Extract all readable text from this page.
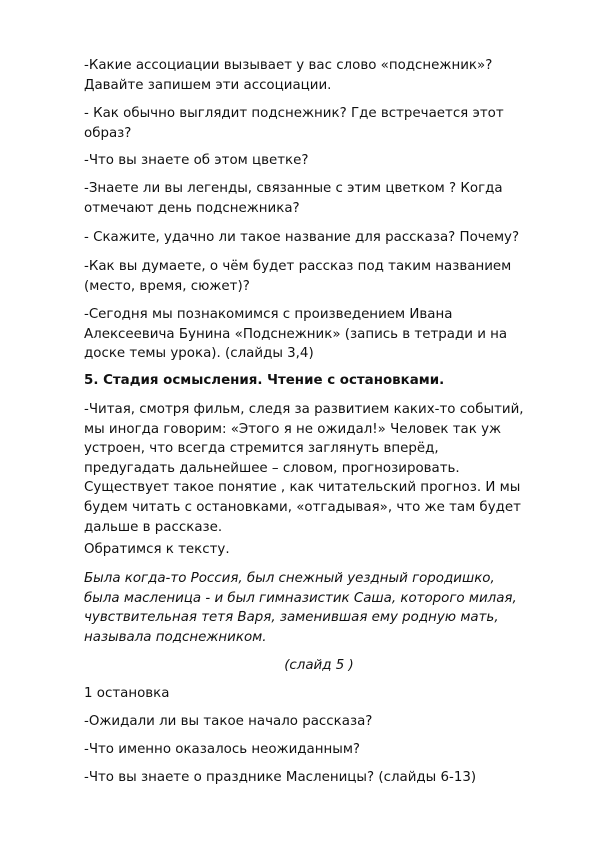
-Какие ассоциации вызывает у вас слово «подснежник»?
Давайте запишем эти ассоциации.

- Как обычно выглядит подснежник? Где встречается этот
образ?

-Что вы знаете об этом цветке?

-Знаете ли вы легенды, связанные с этим цветком ? Когда
отмечают день подснежника?

- Скажите, удачно ли такое название для рассказа? Почему?

-Как вы думаете, о чём будет рассказ под таким названием
(место, время, сюжет)?

-Сегодня мы познакомимся с произведением Ивана
Алексеевича Бунина «Подснежник» (запись в тетради и на
доске темы урока). (слайды 3,4)

5. Стадия осмысления. Чтение с остановками.

-Читая, смотря фильм, следя за развитием каких-то событий,
мы иногда говорим: «Этого я не ожидал!» Человек так уж
устроен, что всегда стремится заглянуть вперёд,
предугадать дальнейшее – словом, прогнозировать.
Существует такое понятие , как читательский прогноз. И мы
будем читать с остановками, «отгадывая», что же там будет
дальше в рассказе.

Обратимся к тексту.

Была когда-то Россия, был снежный уездный городишко,
была масленица - и был гимназистик Саша, которого милая,
чувствительная тетя Варя, заменившая ему родную мать,
называла подснежником.

(слайд 5 )

1 остановка

-Ожидали ли вы такое начало рассказа?

-Что именно оказалось неожиданным?

-Что вы знаете о празднике Масленицы? (слайды 6-13)
